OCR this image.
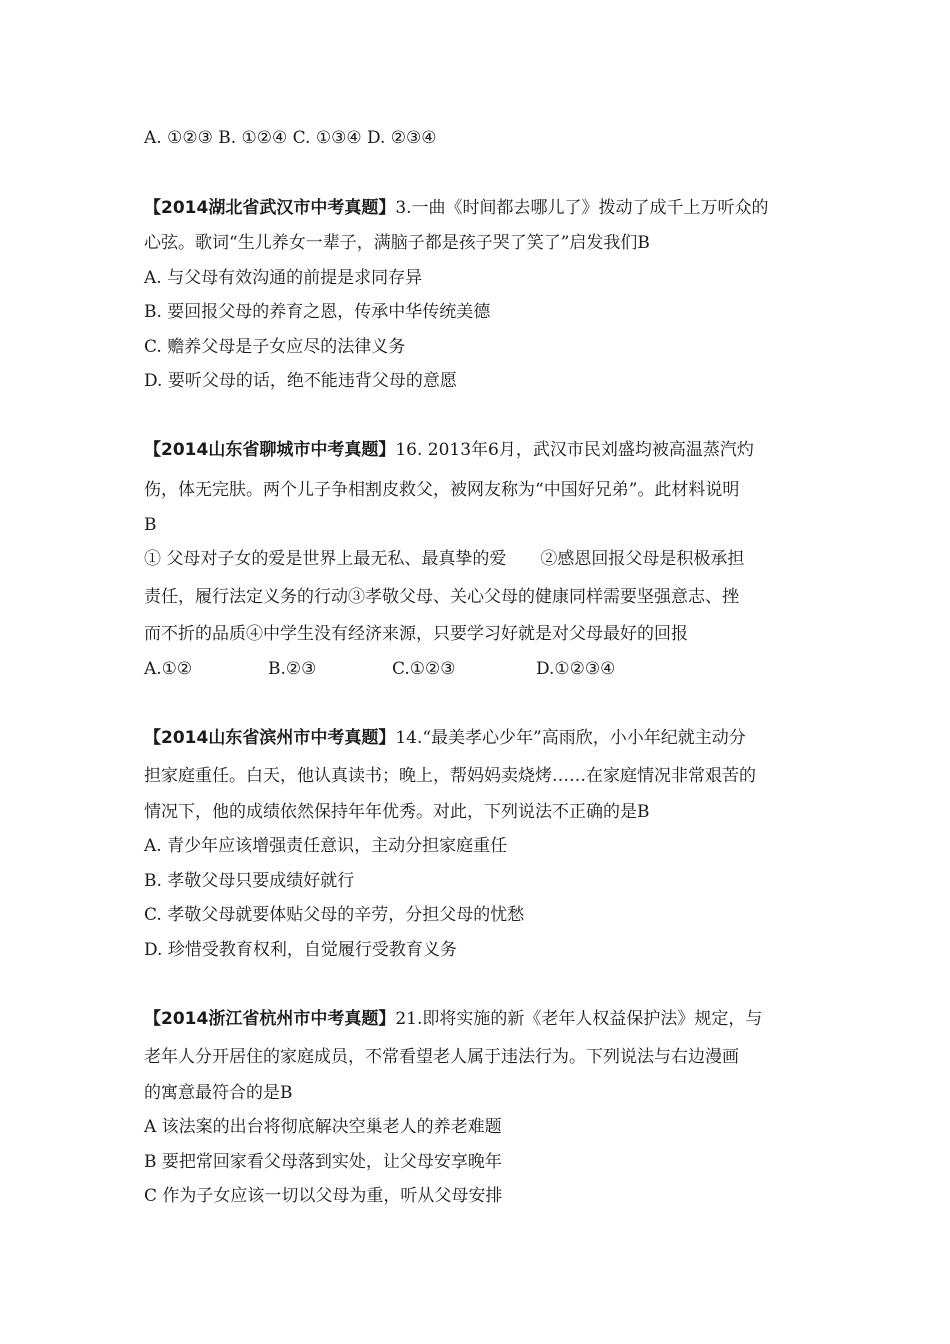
A. ①②③ B. ①②④ C. ①③④ D. ②③④
【2014湖北省武汉市中考真题】3.一曲《时间都去哪儿了》拨动了成千上万听众的
心弦。歌词“生儿养女一辈子，满脑子都是孩子哭了笑了”启发我们B
A. 与父母有效沟通的前提是求同存异
B. 要回报父母的养育之恩，传承中华传统美德
C. 赡养父母是子女应尽的法律义务
D. 要听父母的话，绝不能违背父母的意愿
【2014山东省聊城市中考真题】16. 2013年6月，武汉市民刘盛均被高温蒸汽灼
伤，体无完肤。两个儿子争相割皮救父，被网友称为“中国好兄弟”。此材料说明
B
① 父母对子女的爱是世界上最无私、最真挚的爱　　②感恩回报父母是积极承担
责任，履行法定义务的行动③孝敬父母、关心父母的健康同样需要坚强意志、挫
而不折的品质④中学生没有经济来源，只要学习好就是对父母最好的回报
A.①②	B.②③	C.①②③	D.①②③④
【2014山东省滨州市中考真题】14.“最美孝心少年”高雨欣，小小年纪就主动分
担家庭重任。白天，他认真读书；晚上，帮妈妈卖烧烤……在家庭情况非常艰苦的
情况下，他的成绩依然保持年年优秀。对此，下列说法不正确的是B
A. 青少年应该增强责任意识，主动分担家庭重任
B. 孝敬父母只要成绩好就行
C. 孝敬父母就要体贴父母的辛劳，分担父母的忧愁
D. 珍惜受教育权利，自觉履行受教育义务
【2014浙江省杭州市中考真题】21.即将实施的新《老年人权益保护法》规定，与
老年人分开居住的家庭成员，不常看望老人属于违法行为。下列说法与右边漫画
的寓意最符合的是B
A 该法案的出台将彻底解决空巢老人的养老难题
B 要把常回家看父母落到实处，让父母安享晚年
C 作为子女应该一切以父母为重，听从父母安排
